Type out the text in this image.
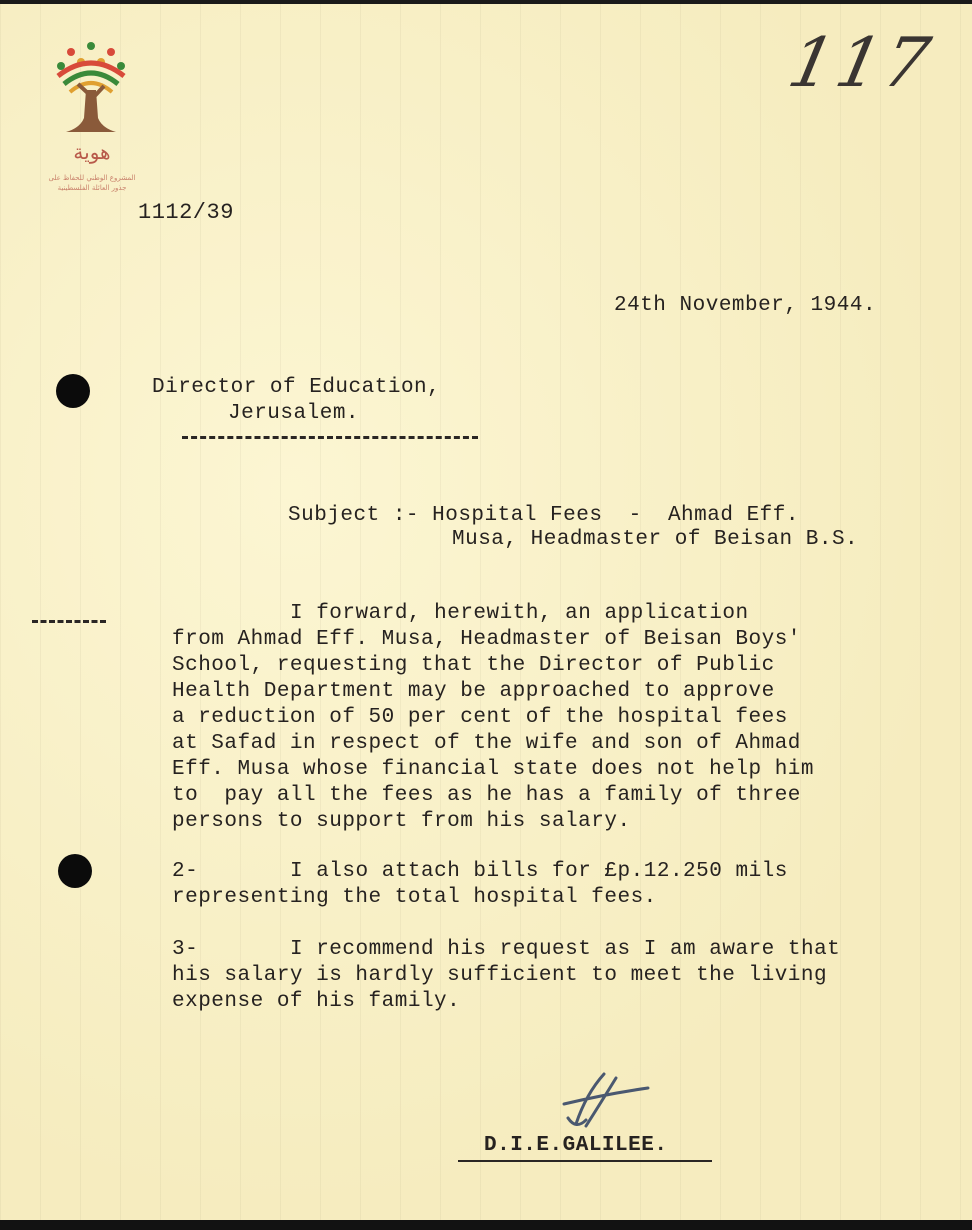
هوية

المشروع الوطني للحفاظ على

جذور العائلة الفلسطينية

117
1112/39
24th November, 1944.
Director of Education,
Jerusalem.
Subject :- Hospital Fees  -  Ahmad Eff.
Musa, Headmaster of Beisan B.S.
I forward, herewith, an application
from Ahmad Eff. Musa, Headmaster of Beisan Boys'
School, requesting that the Director of Public
Health Department may be approached to approve
a reduction of 50 per cent of the hospital fees
at Safad in respect of the wife and son of Ahmad
Eff. Musa whose financial state does not help him
to  pay all the fees as he has a family of three
persons to support from his salary.
2-	I also attach bills for £p.12.250 mils
representing the total hospital fees.
3-	I recommend his request as I am aware that
his salary is hardly sufficient to meet the living
expense of his family.
D.I.E.GALILEE.
